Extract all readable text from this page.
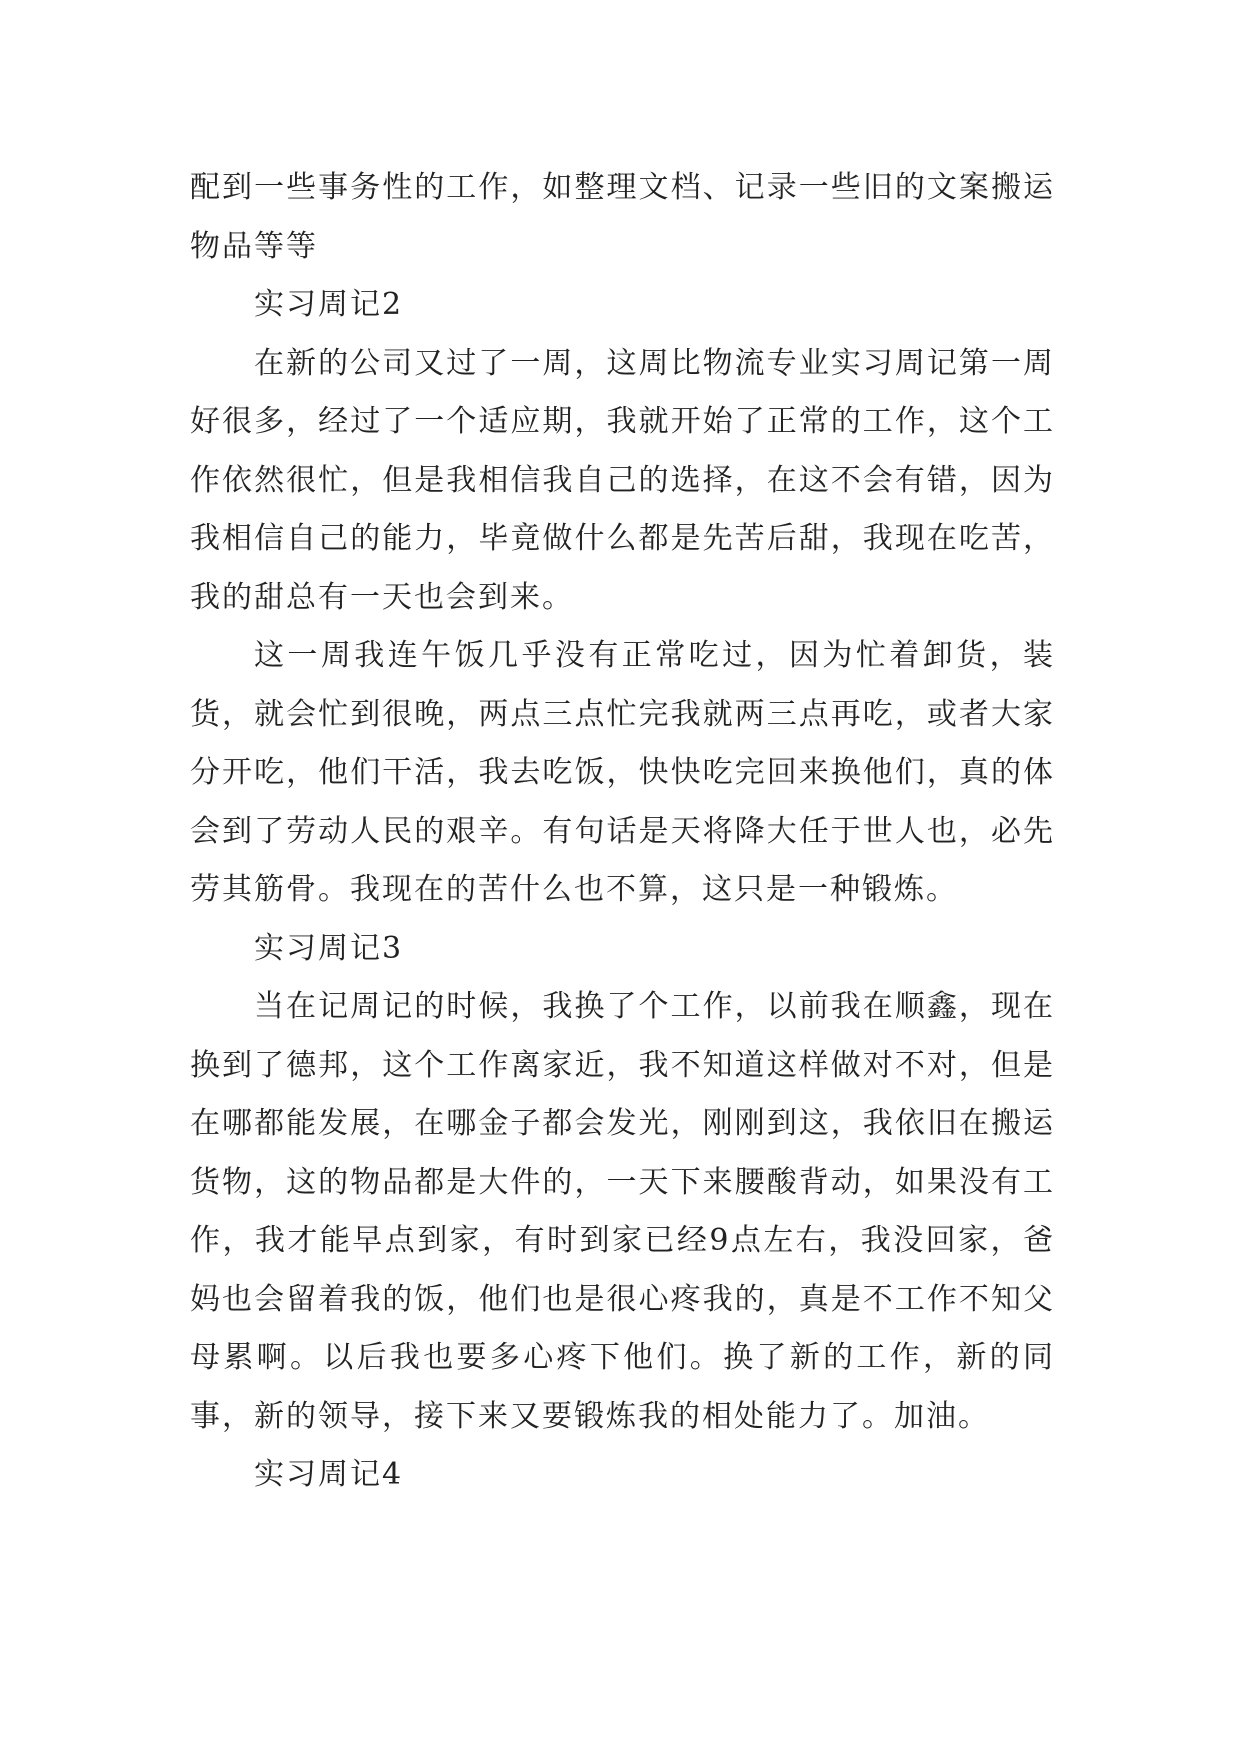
配到一些事务性的工作，如整理文档、记录一些旧的文案搬运物品等等

实习周记2

在新的公司又过了一周，这周比物流专业实习周记第一周好很多，经过了一个适应期，我就开始了正常的工作，这个工作依然很忙，但是我相信我自己的选择，在这不会有错，因为我相信自己的能力，毕竟做什么都是先苦后甜，我现在吃苦，我的甜总有一天也会到来。

这一周我连午饭几乎没有正常吃过，因为忙着卸货，装货，就会忙到很晚，两点三点忙完我就两三点再吃，或者大家分开吃，他们干活，我去吃饭，快快吃完回来换他们，真的体会到了劳动人民的艰辛。有句话是天将降大任于世人也，必先劳其筋骨。我现在的苦什么也不算，这只是一种锻炼。

实习周记3

当在记周记的时候，我换了个工作，以前我在顺鑫，现在换到了德邦，这个工作离家近，我不知道这样做对不对，但是在哪都能发展，在哪金子都会发光，刚刚到这，我依旧在搬运货物，这的物品都是大件的，一天下来腰酸背动，如果没有工作，我才能早点到家，有时到家已经9点左右，我没回家，爸妈也会留着我的饭，他们也是很心疼我的，真是不工作不知父母累啊。以后我也要多心疼下他们。换了新的工作，新的同事，新的领导，接下来又要锻炼我的相处能力了。加油。

实习周记4
